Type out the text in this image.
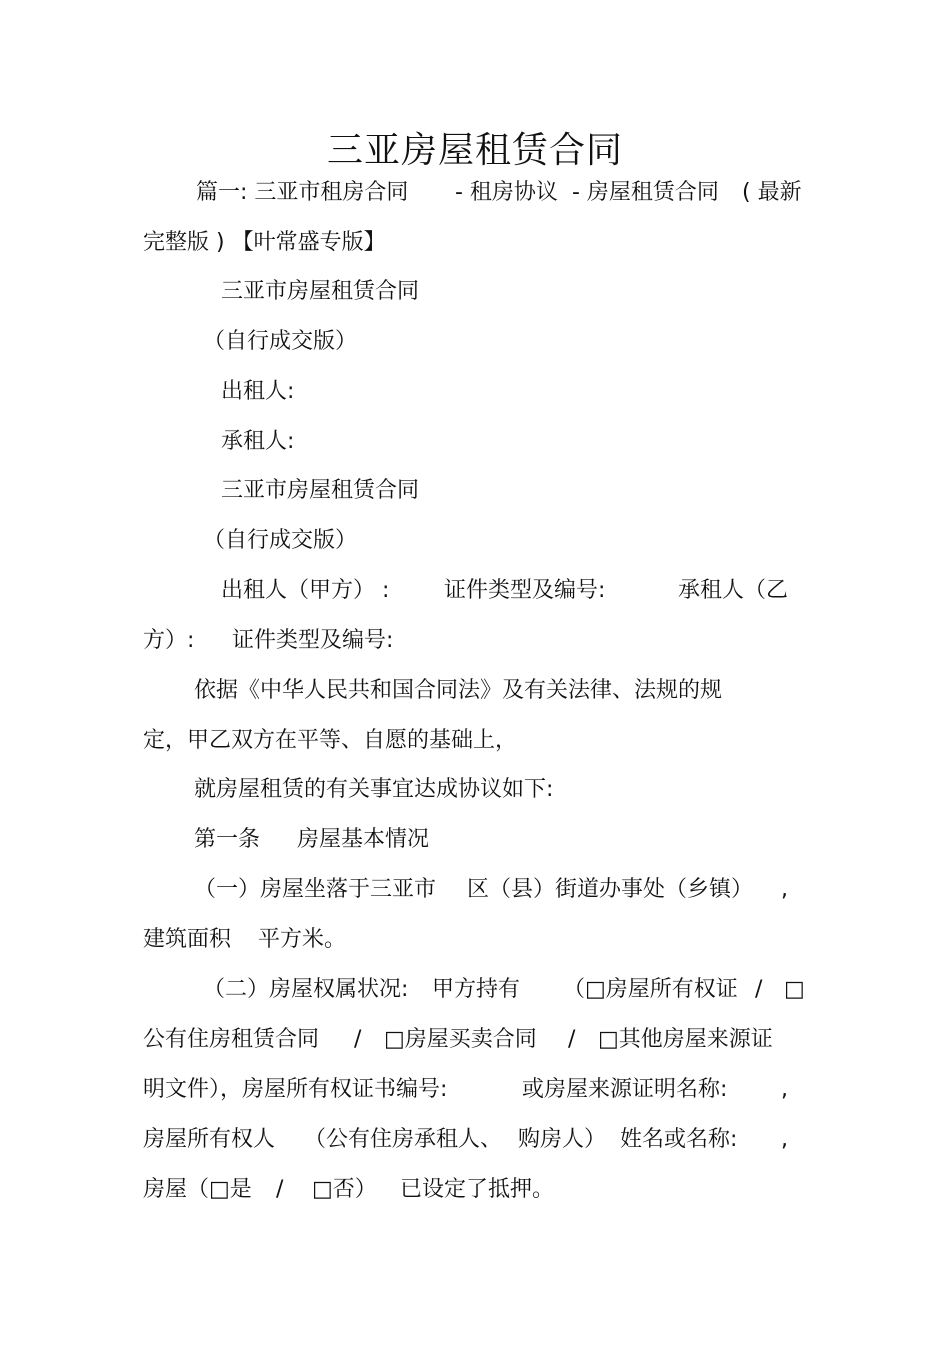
三亚房屋租赁合同
篇一: 三亚市租房合同 - 租房协议 - 房屋租赁合同 ( 最新
完整版 ) 【叶常盛专版】
三亚市房屋租赁合同
（自行成交版）
出租人:
承租人:
三亚市房屋租赁合同
（自行成交版）
出租人（甲方） : 证件类型及编号:	承租人（乙
方）: 证件类型及编号:
依据《中华人民共和国合同法》及有关法律、法规的规
定，甲乙双方在平等、自愿的基础上，
就房屋租赁的有关事宜达成协议如下:
第一条 房屋基本情况
（一）房屋坐落于三亚市 区（县）街道办事处（乡镇） ,
建筑面积 平方米。
（二）房屋权属状况: 甲方持有 （□房屋所有权证 / □
公有住房租赁合同 / □房屋买卖合同 / □其他房屋来源证
明文件），房屋所有权证书编号:	或房屋来源证明名称: ,
房屋所有权人 （公有住房承租人、 购房人） 姓名或名称: ,
房屋（□是 / □否） 已设定了抵押。
